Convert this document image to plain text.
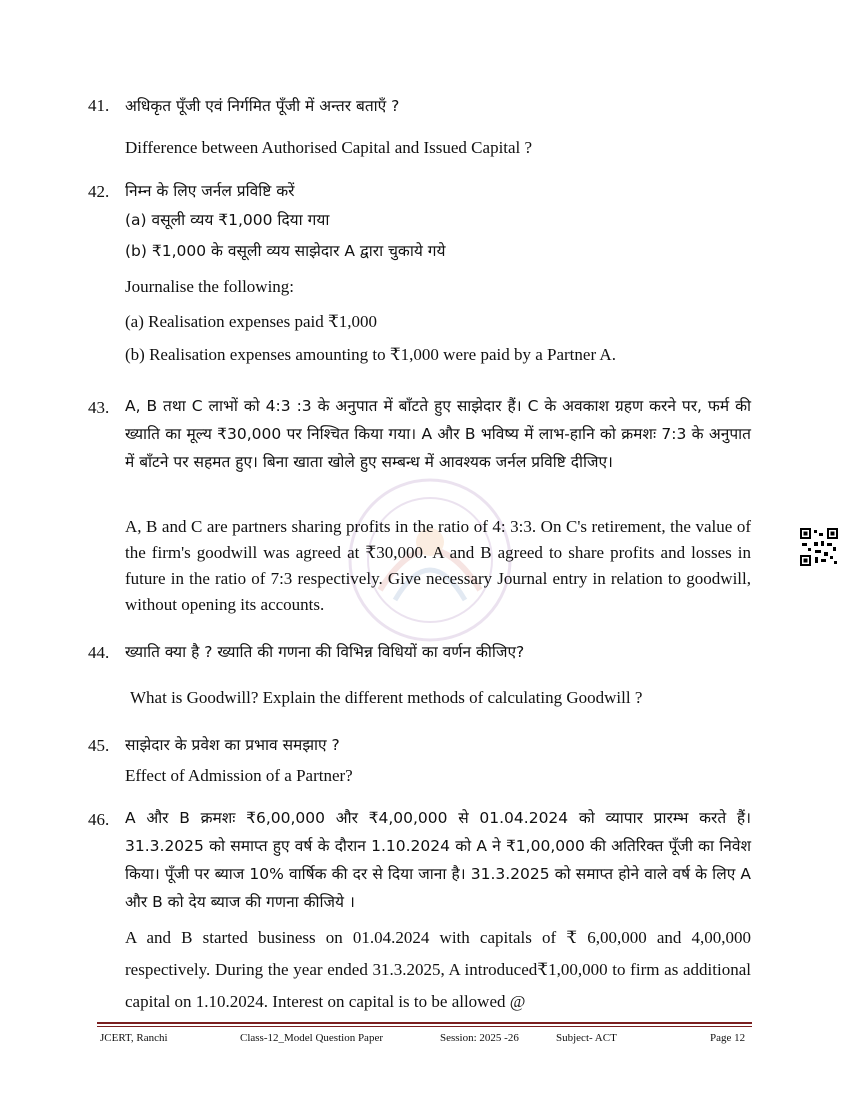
41. अधिकृत पूँजी एवं निर्गमित पूँजी में अन्तर बताएँ ?
Difference between Authorised Capital and Issued Capital ?
42. निम्न के लिए जर्नल प्रविष्टि करें
(a) वसूली व्यय ₹1,000 दिया गया
(b) ₹1,000 के वसूली व्यय साझेदार A द्वारा चुकाये गये
Journalise the following:
(a) Realisation expenses paid ₹1,000
(b) Realisation expenses amounting to ₹1,000 were paid by a Partner A.
43. A, B तथा C लाभों को 4:3 :3 के अनुपात में बाँटते हुए साझेदार हैं। C के अवकाश ग्रहण करने पर, फर्म की ख्याति का मूल्य ₹30,000 पर निश्चित किया गया। A और B भविष्य में लाभ-हानि को क्रमशः 7:3 के अनुपात में बाँटने पर सहमत हुए। बिना खाता खोले हुए सम्बन्ध में आवश्यक जर्नल प्रविष्टि दीजिए।
A, B and C are partners sharing profits in the ratio of 4: 3:3. On C's retirement, the value of the firm's goodwill was agreed at ₹30,000. A and B agreed to share profits and losses in future in the ratio of 7:3 respectively. Give necessary Journal entry in relation to goodwill, without opening its accounts.
44. ख्याति क्या है ? ख्याति की गणना की विभिन्न विधियों का वर्णन कीजिए?
What is Goodwill? Explain the different methods of calculating Goodwill ?
45. साझेदार के प्रवेश का प्रभाव समझाए ?
Effect of Admission of a Partner?
46. A और B क्रमशः ₹6,00,000 और ₹4,00,000 से 01.04.2024 को व्यापार प्रारम्भ करते हैं। 31.3.2025 को समाप्त हुए वर्ष के दौरान 1.10.2024 को A ने ₹1,00,000 की अतिरिक्त पूँजी का निवेश किया। पूँजी पर ब्याज 10% वार्षिक की दर से दिया जाना है। 31.3.2025 को समाप्त होने वाले वर्ष के लिए A और B को देय ब्याज की गणना कीजिये ।
A and B started business on 01.04.2024 with capitals of ₹ 6,00,000 and 4,00,000 respectively. During the year ended 31.3.2025, A introduced₹1,00,000 to firm as additional capital on 1.10.2024. Interest on capital is to be allowed @
JCERT, Ranchi	Class-12_Model Question Paper	Session: 2025 -26	Subject- ACT	Page 12
